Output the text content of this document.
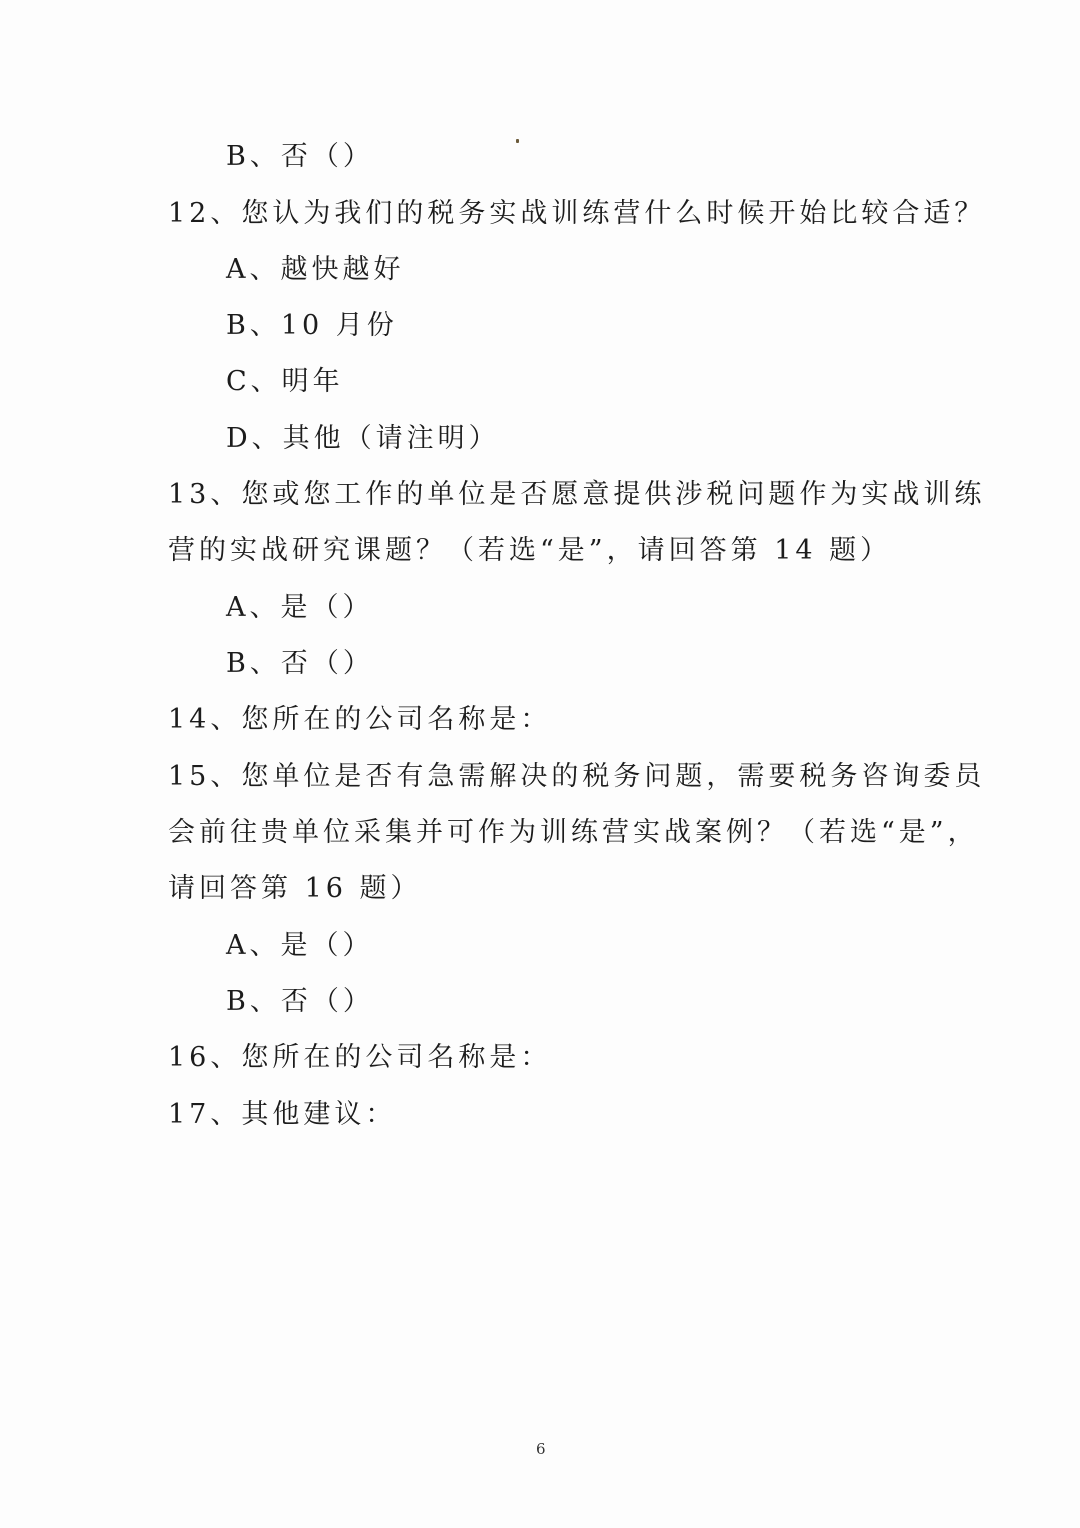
B、否（）
12、您认为我们的税务实战训练营什么时候开始比较合适？
A、越快越好
B、10 月份
C、明年
D、其他（请注明）
13、您或您工作的单位是否愿意提供涉税问题作为实战训练
营的实战研究课题？（若选“是”，请回答第 14 题）
A、是（）
B、否（）
14、您所在的公司名称是：
15、您单位是否有急需解决的税务问题，需要税务咨询委员
会前往贵单位采集并可作为训练营实战案例？（若选“是”，
请回答第 16 题）
A、是（）
B、否（）
16、您所在的公司名称是：
17、其他建议：
6
